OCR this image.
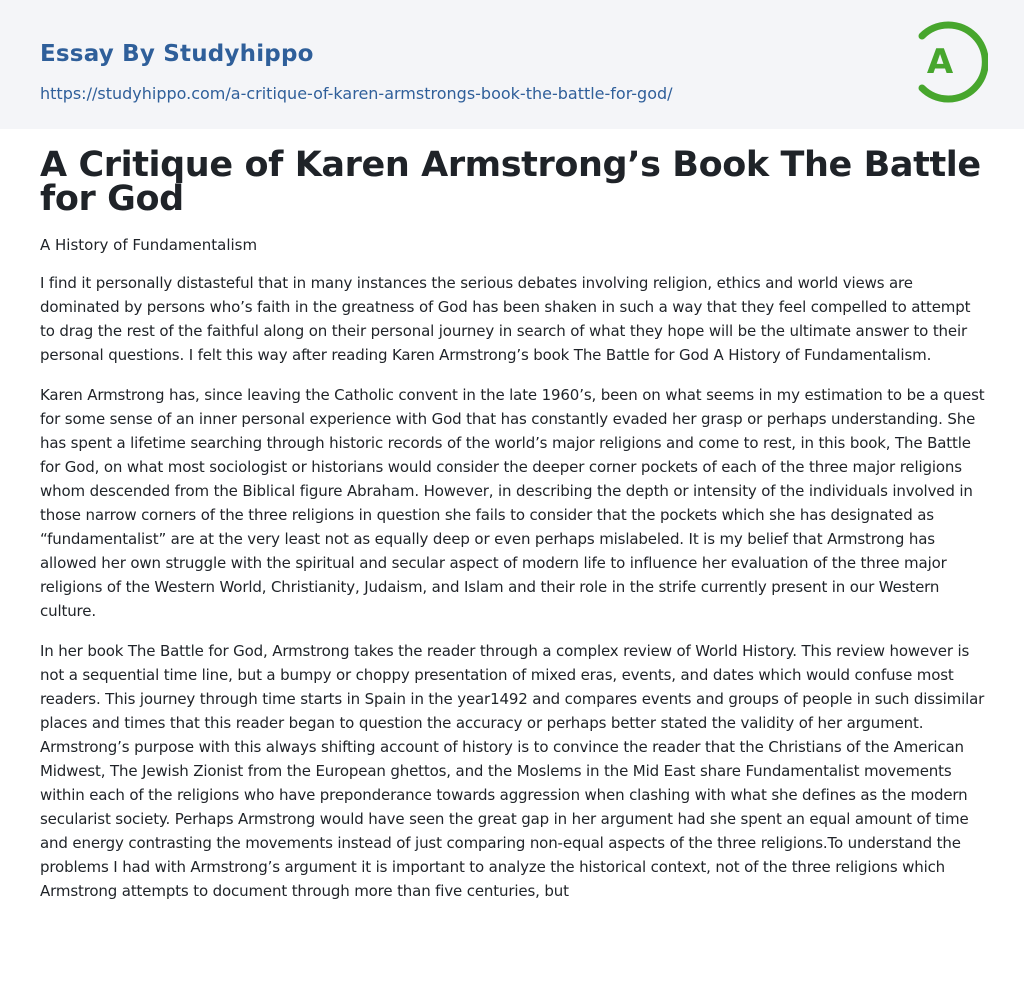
Essay By Studyhippo
https://studyhippo.com/a-critique-of-karen-armstrongs-book-the-battle-for-god/
A
A Critique of Karen Armstrong’s Book The Battle for God
A History of Fundamentalism

I find it personally distasteful that in many instances the serious debates involving religion, ethics and world views are dominated by persons who’s faith in the greatness of God has been shaken in such a way that they feel compelled to attempt to drag the rest of the faithful along on their personal journey in search of what they hope will be the ultimate answer to their personal questions. I felt this way after reading Karen Armstrong’s book The Battle for God A History of Fundamentalism.

Karen Armstrong has, since leaving the Catholic convent in the late 1960’s, been on what seems in my estimation to be a quest for some sense of an inner personal experience with God that has constantly evaded her grasp or perhaps understanding. She has spent a lifetime searching through historic records of the world’s major religions and come to rest, in this book, The Battle for God, on what most sociologist or historians would consider the deeper corner pockets of each of the three major religions whom descended from the Biblical figure Abraham. However, in describing the depth or intensity of the individuals involved in those narrow corners of the three religions in question she fails to consider that the pockets which she has designated as “fundamentalist” are at the very least not as equally deep or even perhaps mislabeled. It is my belief that Armstrong has allowed her own struggle with the spiritual and secular aspect of modern life to influence her evaluation of the three major religions of the Western World, Christianity, Judaism, and Islam and their role in the strife currently present in our Western culture.

In her book The Battle for God, Armstrong takes the reader through a complex review of World History. This review however is not a sequential time line, but a bumpy or choppy presentation of mixed eras, events, and dates which would confuse most readers. This journey through time starts in Spain in the year1492 and compares events and groups of people in such dissimilar places and times that this reader began to question the accuracy or perhaps better stated the validity of her argument. Armstrong’s purpose with this always shifting account of history is to convince the reader that the Christians of the American Midwest, The Jewish Zionist from the European ghettos, and the Moslems in the Mid East share Fundamentalist movements within each of the religions who have preponderance towards aggression when clashing with what she defines as the modern secularist society. Perhaps Armstrong would have seen the great gap in her argument had she spent an equal amount of time and energy contrasting the movements instead of just comparing non-equal aspects of the three religions.To understand the problems I had with Armstrong’s argument it is important to analyze the historical context, not of the three religions which Armstrong attempts to document through more than five centuries, but
